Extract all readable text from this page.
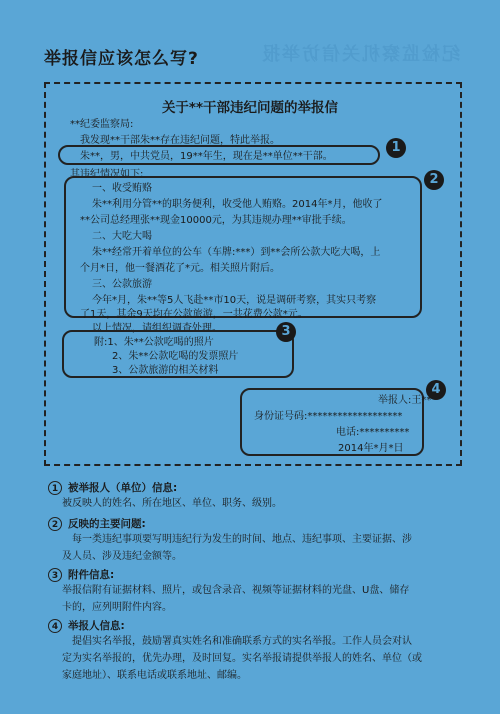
举报信应该怎么写?	纪检监察机关信访举报
关于**干部违纪问题的举报信
**纪委监察局:
我发现**干部朱**存在违纪问题，特此举报。
朱**，男，中共党员，19**年生，现在是**单位**干部。
1
其违纪情况如下:	2
一、收受贿赂
朱**利用分管**的职务便利，收受他人贿赂。2014年*月，他收了
**公司总经理张**现金10000元，为其违规办理**审批手续。
二、大吃大喝
朱**经常开着单位的公车（车牌:***）到**会所公款大吃大喝，上
个月*日，他一餐酒花了*元。相关照片附后。
三、公款旅游
今年*月，朱**等5人飞赴**市10天，说是调研考察，其实只考察
了1天，其余9天均在公款旅游，一共花费公款*元。
以上情况，请组织调查处理。	3
附:1、朱**公款吃喝的照片
2、朱**公款吃喝的发票照片
3、公款旅游的相关材料
4
举报人:王**
身份证号码:*******************
电话:**********
2014年*月*日
1 被举报人（单位）信息:
被反映人的姓名、所在地区、单位、职务、级别。
2 反映的主要问题:
每一类违纪事项要写明违纪行为发生的时间、地点、违纪事项、主要证据、涉
及人员、涉及违纪金额等。
3 附件信息:
举报信附有证据材料、照片，或包含录音、视频等证据材料的光盘、U盘、储存
卡的，应列明附件内容。
4 举报人信息:
提倡实名举报，鼓励署真实姓名和准确联系方式的实名举报。工作人员会对认
定为实名举报的，优先办理，及时回复。实名举报请提供举报人的姓名、单位（或
家庭地址）、联系电话或联系地址、邮编。
